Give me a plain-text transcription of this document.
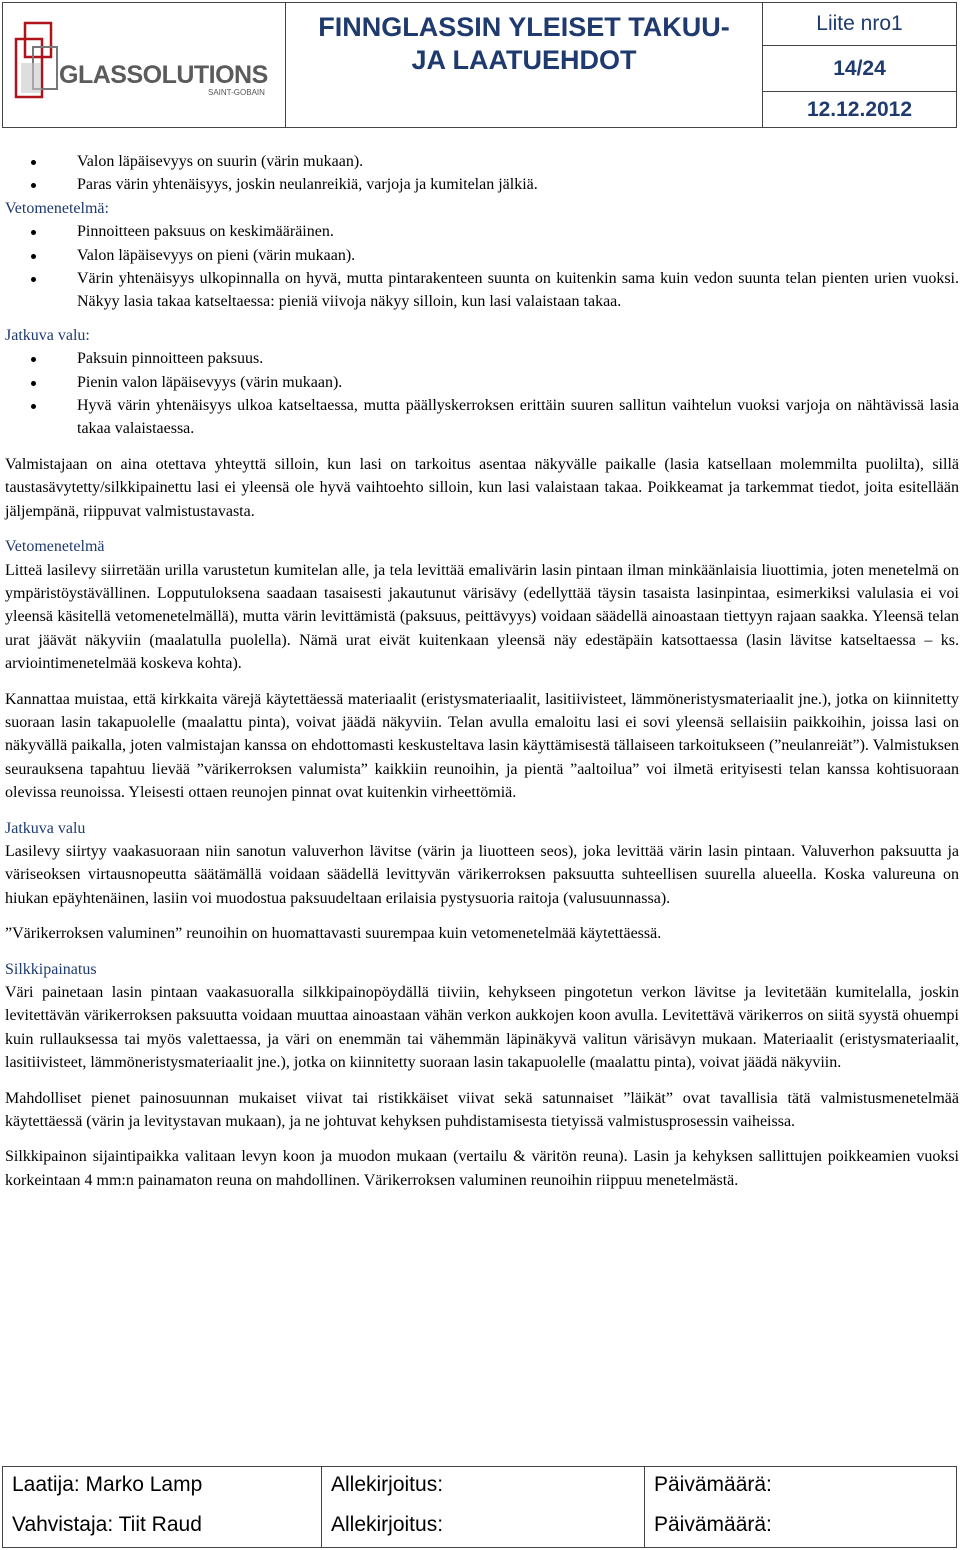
GLASSOLUTIONS
SAINT-GOBAIN
FINNGLASSIN YLEISET TAKUU-
JA LAATUEHDOT
Liite nro1
14/24
12.12.2012
Valon läpäisevyys on suurin (värin mukaan).
Paras värin yhtenäisyys, joskin neulanreikiä, varjoja ja kumitelan jälkiä.
Vetomenetelmä:
Pinnoitteen paksuus on keskimääräinen.
Valon läpäisevyys on pieni (värin mukaan).
Värin yhtenäisyys ulkopinnalla on hyvä, mutta pintarakenteen suunta on kuitenkin sama kuin vedon suunta telan pienten urien vuoksi. Näkyy lasia takaa katseltaessa: pieniä viivoja näkyy silloin, kun lasi valaistaan takaa.
Jatkuva valu:
Paksuin pinnoitteen paksuus.
Pienin valon läpäisevyys (värin mukaan).
Hyvä värin yhtenäisyys ulkoa katseltaessa, mutta päällyskerroksen erittäin suuren sallitun vaihtelun vuoksi varjoja on nähtävissä lasia takaa valaistaessa.

Valmistajaan on aina otettava yhteyttä silloin, kun lasi on tarkoitus asentaa näkyvälle paikalle (lasia katsellaan molemmilta puolilta), sillä taustasävytetty/silkkipainettu lasi ei yleensä ole hyvä vaihtoehto silloin, kun lasi valaistaan takaa. Poikkeamat ja tarkemmat tiedot, joita esitellään jäljempänä, riippuvat valmistustavasta.

Vetomenetelmä

Litteä lasilevy siirretään urilla varustetun kumitelan alle, ja tela levittää emalivärin lasin pintaan ilman minkäänlaisia liuottimia, joten menetelmä on ympäristöystävällinen. Lopputuloksena saadaan tasaisesti jakautunut värisävy (edellyttää täysin tasaista lasinpintaa, esimerkiksi valulasia ei voi yleensä käsitellä vetomenetelmällä), mutta värin levittämistä (paksuus, peittävyys) voidaan säädellä ainoastaan tiettyyn rajaan saakka. Yleensä telan urat jäävät näkyviin (maalatulla puolella). Nämä urat eivät kuitenkaan yleensä näy edestäpäin katsottaessa (lasin lävitse katseltaessa – ks. arviointimenetelmää koskeva kohta).

Kannattaa muistaa, että kirkkaita värejä käytettäessä materiaalit (eristysmateriaalit, lasitiivisteet, lämmöneristysmateriaalit jne.), jotka on kiinnitetty suoraan lasin takapuolelle (maalattu pinta), voivat jäädä näkyviin. Telan avulla emaloitu lasi ei sovi yleensä sellaisiin paikkoihin, joissa lasi on näkyvällä paikalla, joten valmistajan kanssa on ehdottomasti keskusteltava lasin käyttämisestä tällaiseen tarkoitukseen (”neulanreiät”). Valmistuksen seurauksena tapahtuu lievää ”värikerroksen valumista” kaikkiin reunoihin, ja pientä ”aaltoilua” voi ilmetä erityisesti telan kanssa kohtisuoraan olevissa reunoissa. Yleisesti ottaen reunojen pinnat ovat kuitenkin virheettömiä.

Jatkuva valu

Lasilevy siirtyy vaakasuoraan niin sanotun valuverhon lävitse (värin ja liuotteen seos), joka levittää värin lasin pintaan. Valuverhon paksuutta ja väriseoksen virtausnopeutta säätämällä voidaan säädellä levittyvän värikerroksen paksuutta suhteellisen suurella alueella. Koska valureuna on hiukan epäyhtenäinen, lasiin voi muodostua paksuudeltaan erilaisia pystysuoria raitoja (valusuunnassa).

”Värikerroksen valuminen” reunoihin on huomattavasti suurempaa kuin vetomenetelmää käytettäessä.

Silkkipainatus

Väri painetaan lasin pintaan vaakasuoralla silkkipainopöydällä tiiviin, kehykseen pingotetun verkon lävitse ja levitetään kumitelalla, joskin levitettävän värikerroksen paksuutta voidaan muuttaa ainoastaan vähän verkon aukkojen koon avulla. Levitettävä värikerros on siitä syystä ohuempi kuin rullauksessa tai myös valettaessa, ja väri on enemmän tai vähemmän läpinäkyvä valitun värisävyn mukaan. Materiaalit (eristysmateriaalit, lasitiivisteet, lämmöneristysmateriaalit jne.), jotka on kiinnitetty suoraan lasin takapuolelle (maalattu pinta), voivat jäädä näkyviin.

Mahdolliset pienet painosuunnan mukaiset viivat tai ristikkäiset viivat sekä satunnaiset ”läikät” ovat tavallisia tätä valmistusmenetelmää käytettäessä (värin ja levitystavan mukaan), ja ne johtuvat kehyksen puhdistamisesta tietyissä valmistusprosessin vaiheissa.

Silkkipainon sijaintipaikka valitaan levyn koon ja muodon mukaan (vertailu & väritön reuna). Lasin ja kehyksen sallittujen poikkeamien vuoksi korkeintaan 4 mm:n painamaton reuna on mahdollinen. Värikerroksen valuminen reunoihin riippuu menetelmästä.

Laatija: Marko Lamp
Vahvistaja: Tiit Raud
Allekirjoitus:
Allekirjoitus:
Päivämäärä:
Päivämäärä:
